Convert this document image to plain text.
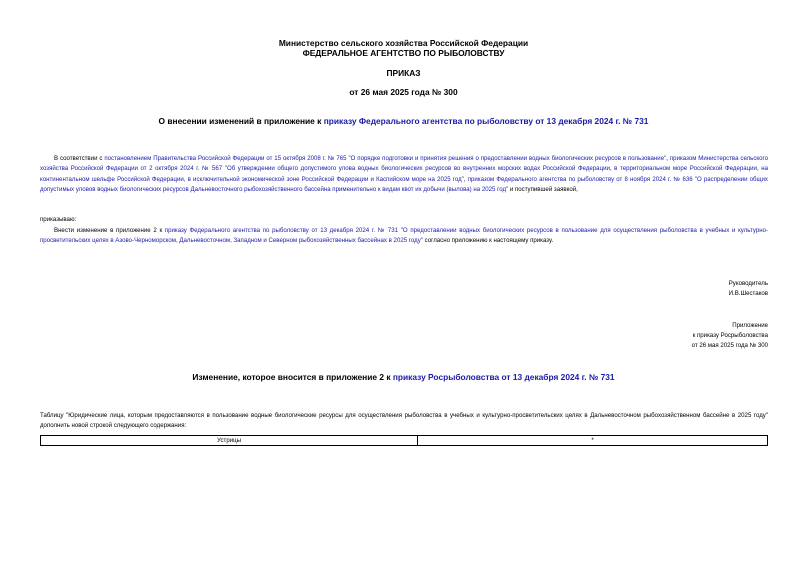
Министерство сельского хозяйства Российской Федерации
ФЕДЕРАЛЬНОЕ АГЕНТСТВО ПО РЫБОЛОВСТВУ
ПРИКАЗ
от 26 мая 2025 года № 300
О внесении изменений в приложение к приказу Федерального агентства по рыболовству от 13 декабря 2024 г. № 731
В соответствии с постановлением Правительства Российской Федерации от 15 октября 2008 г. № 765 "О порядке подготовки и принятия решения о предоставлении водных биологических ресурсов в пользование", приказом Министерства сельского хозяйства Российской Федерации от 2 октября 2024 г. № 567 "Об утверждении общего допустимого улова водных биологических ресурсов во внутренних морских водах Российской Федерации, в территориальном море Российской Федерации, на континентальном шельфе Российской Федерации, в исключительной экономической зоне Российской Федерации и Каспийском море на 2025 год", приказом Федерального агентства по рыболовству от 8 ноября 2024 г. № 636 "О распределении общих допустимых уловов водных биологических ресурсов Дальневосточного рыбохозяйственного бассейна применительно к видам квот их добычи (вылова) на 2025 год" и поступившей заявкой,
приказываю:
Внести изменение в приложение 2 к приказу Федерального агентства по рыболовству от 13 декабря 2024 г. № 731 "О предоставлении водных биологических ресурсов в пользование для осуществления рыболовства в учебных и культурно-просветительских целях в Азово-Черноморском, Дальневосточном, Западном и Северном рыбохозяйственных бассейнах в 2025 году" согласно приложению к настоящему приказу.
Руководитель
И.В.Шестаков
Приложение
к приказу Росрыболовства
от 26 мая 2025 года № 300
Изменение, которое вносится в приложение 2 к приказу Росрыболовства от 13 декабря 2024 г. № 731
Таблицу "Юридические лица, которым предоставляются в пользование водные биологические ресурсы для осуществления рыболовства в учебных и культурно-просветительских целях в Дальневосточном рыбохозяйственном бассейне в 2025 году" дополнить новой строкой следующего содержания:
Устрицы	*
